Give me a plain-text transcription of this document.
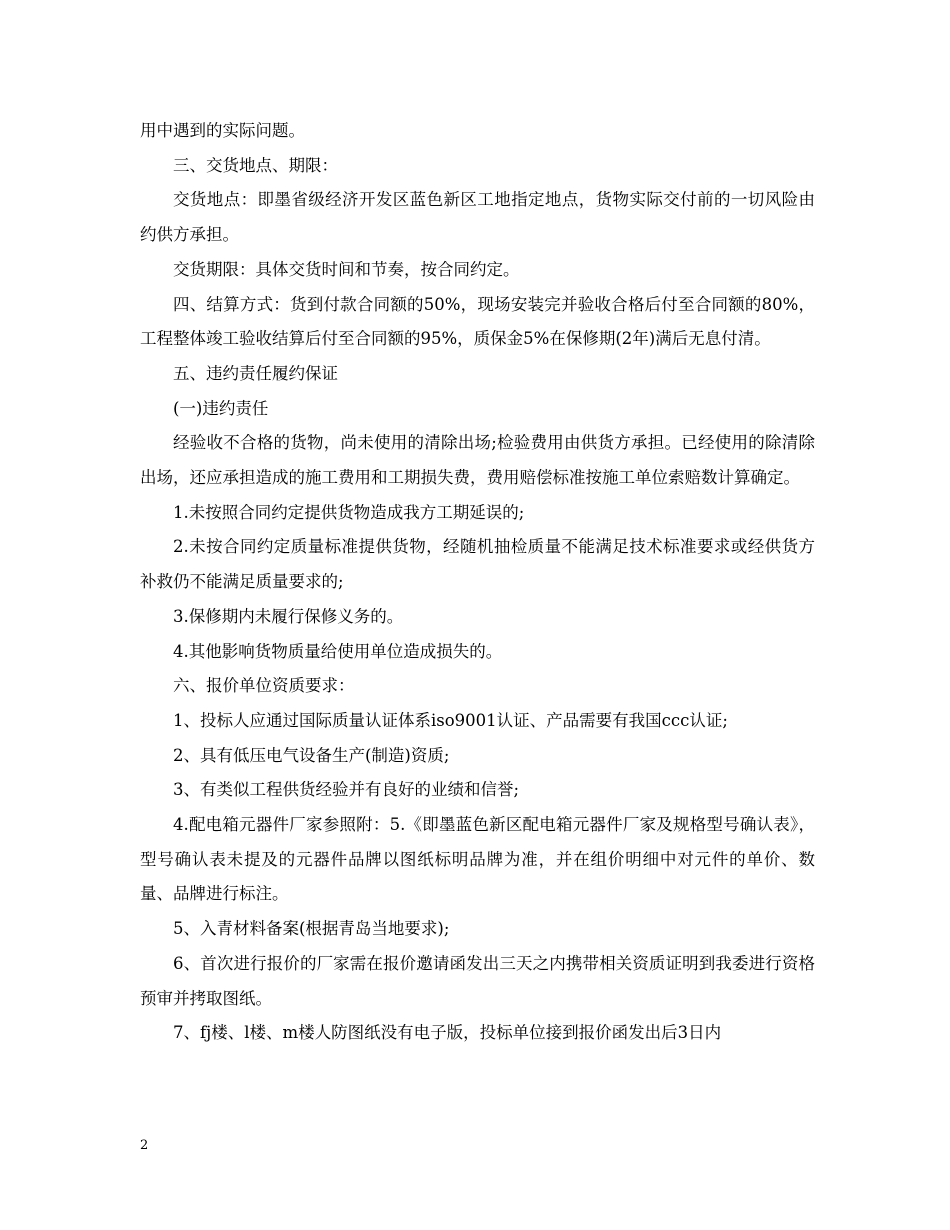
用中遇到的实际问题。

三、交货地点、期限：

交货地点：即墨省级经济开发区蓝色新区工地指定地点，货物实际交付前的一切风险由约供方承担。

交货期限：具体交货时间和节奏，按合同约定。

四、结算方式：货到付款合同额的50%，现场安装完并验收合格后付至合同额的80%，工程整体竣工验收结算后付至合同额的95%，质保金5%在保修期(2年)满后无息付清。

五、违约责任履约保证

(一)违约责任

经验收不合格的货物，尚未使用的清除出场;检验费用由供货方承担。已经使用的除清除出场，还应承担造成的施工费用和工期损失费，费用赔偿标准按施工单位索赔数计算确定。

1.未按照合同约定提供货物造成我方工期延误的;

2.未按合同约定质量标准提供货物，经随机抽检质量不能满足技术标准要求或经供货方补救仍不能满足质量要求的;

3.保修期内未履行保修义务的。

4.其他影响货物质量给使用单位造成损失的。

六、报价单位资质要求：

1、投标人应通过国际质量认证体系iso9001认证、产品需要有我国ccc认证;

2、具有低压电气设备生产(制造)资质;

3、有类似工程供货经验并有良好的业绩和信誉;

4.配电箱元器件厂家参照附：5.《即墨蓝色新区配电箱元器件厂家及规格型号确认表》，型号确认表未提及的元器件品牌以图纸标明品牌为准，并在组价明细中对元件的单价、数量、品牌进行标注。

5、入青材料备案(根据青岛当地要求);

6、首次进行报价的厂家需在报价邀请函发出三天之内携带相关资质证明到我委进行资格预审并拷取图纸。

7、fj楼、l楼、m楼人防图纸没有电子版，投标单位接到报价函发出后3日内

2
